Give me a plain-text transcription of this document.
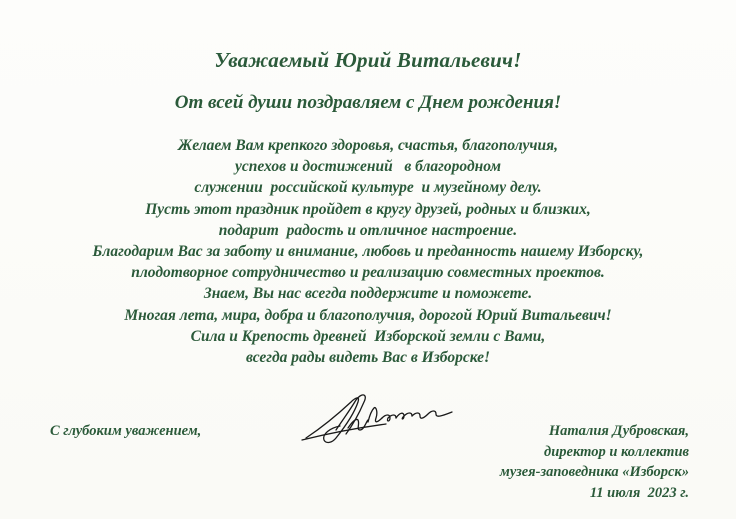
Уважаемый Юрий Витальевич!
От всей души поздравляем с Днем рождения!
Желаем Вам крепкого здоровья, счастья, благополучия,
успехов и достижений   в благородном
служении  российской культуре  и музейному делу.
Пусть этот праздник пройдет в кругу друзей, родных и близких,
подарит  радость и отличное настроение.
Благодарим Вас за заботу и внимание, любовь и преданность нашему Изборску,
плодотворное сотрудничество и реализацию совместных проектов.
Знаем, Вы нас всегда поддержите и поможете.
Многая лета, мира, добра и благополучия, дорогой Юрий Витальевич!
Сила и Крепость древней  Изборской земли с Вами,
всегда рады видеть Вас в Изборске!
С глубоким уважением,	Наталия Дубровская,
директор и коллектив
музея-заповедника «Изборск»
11 июля  2023 г.
